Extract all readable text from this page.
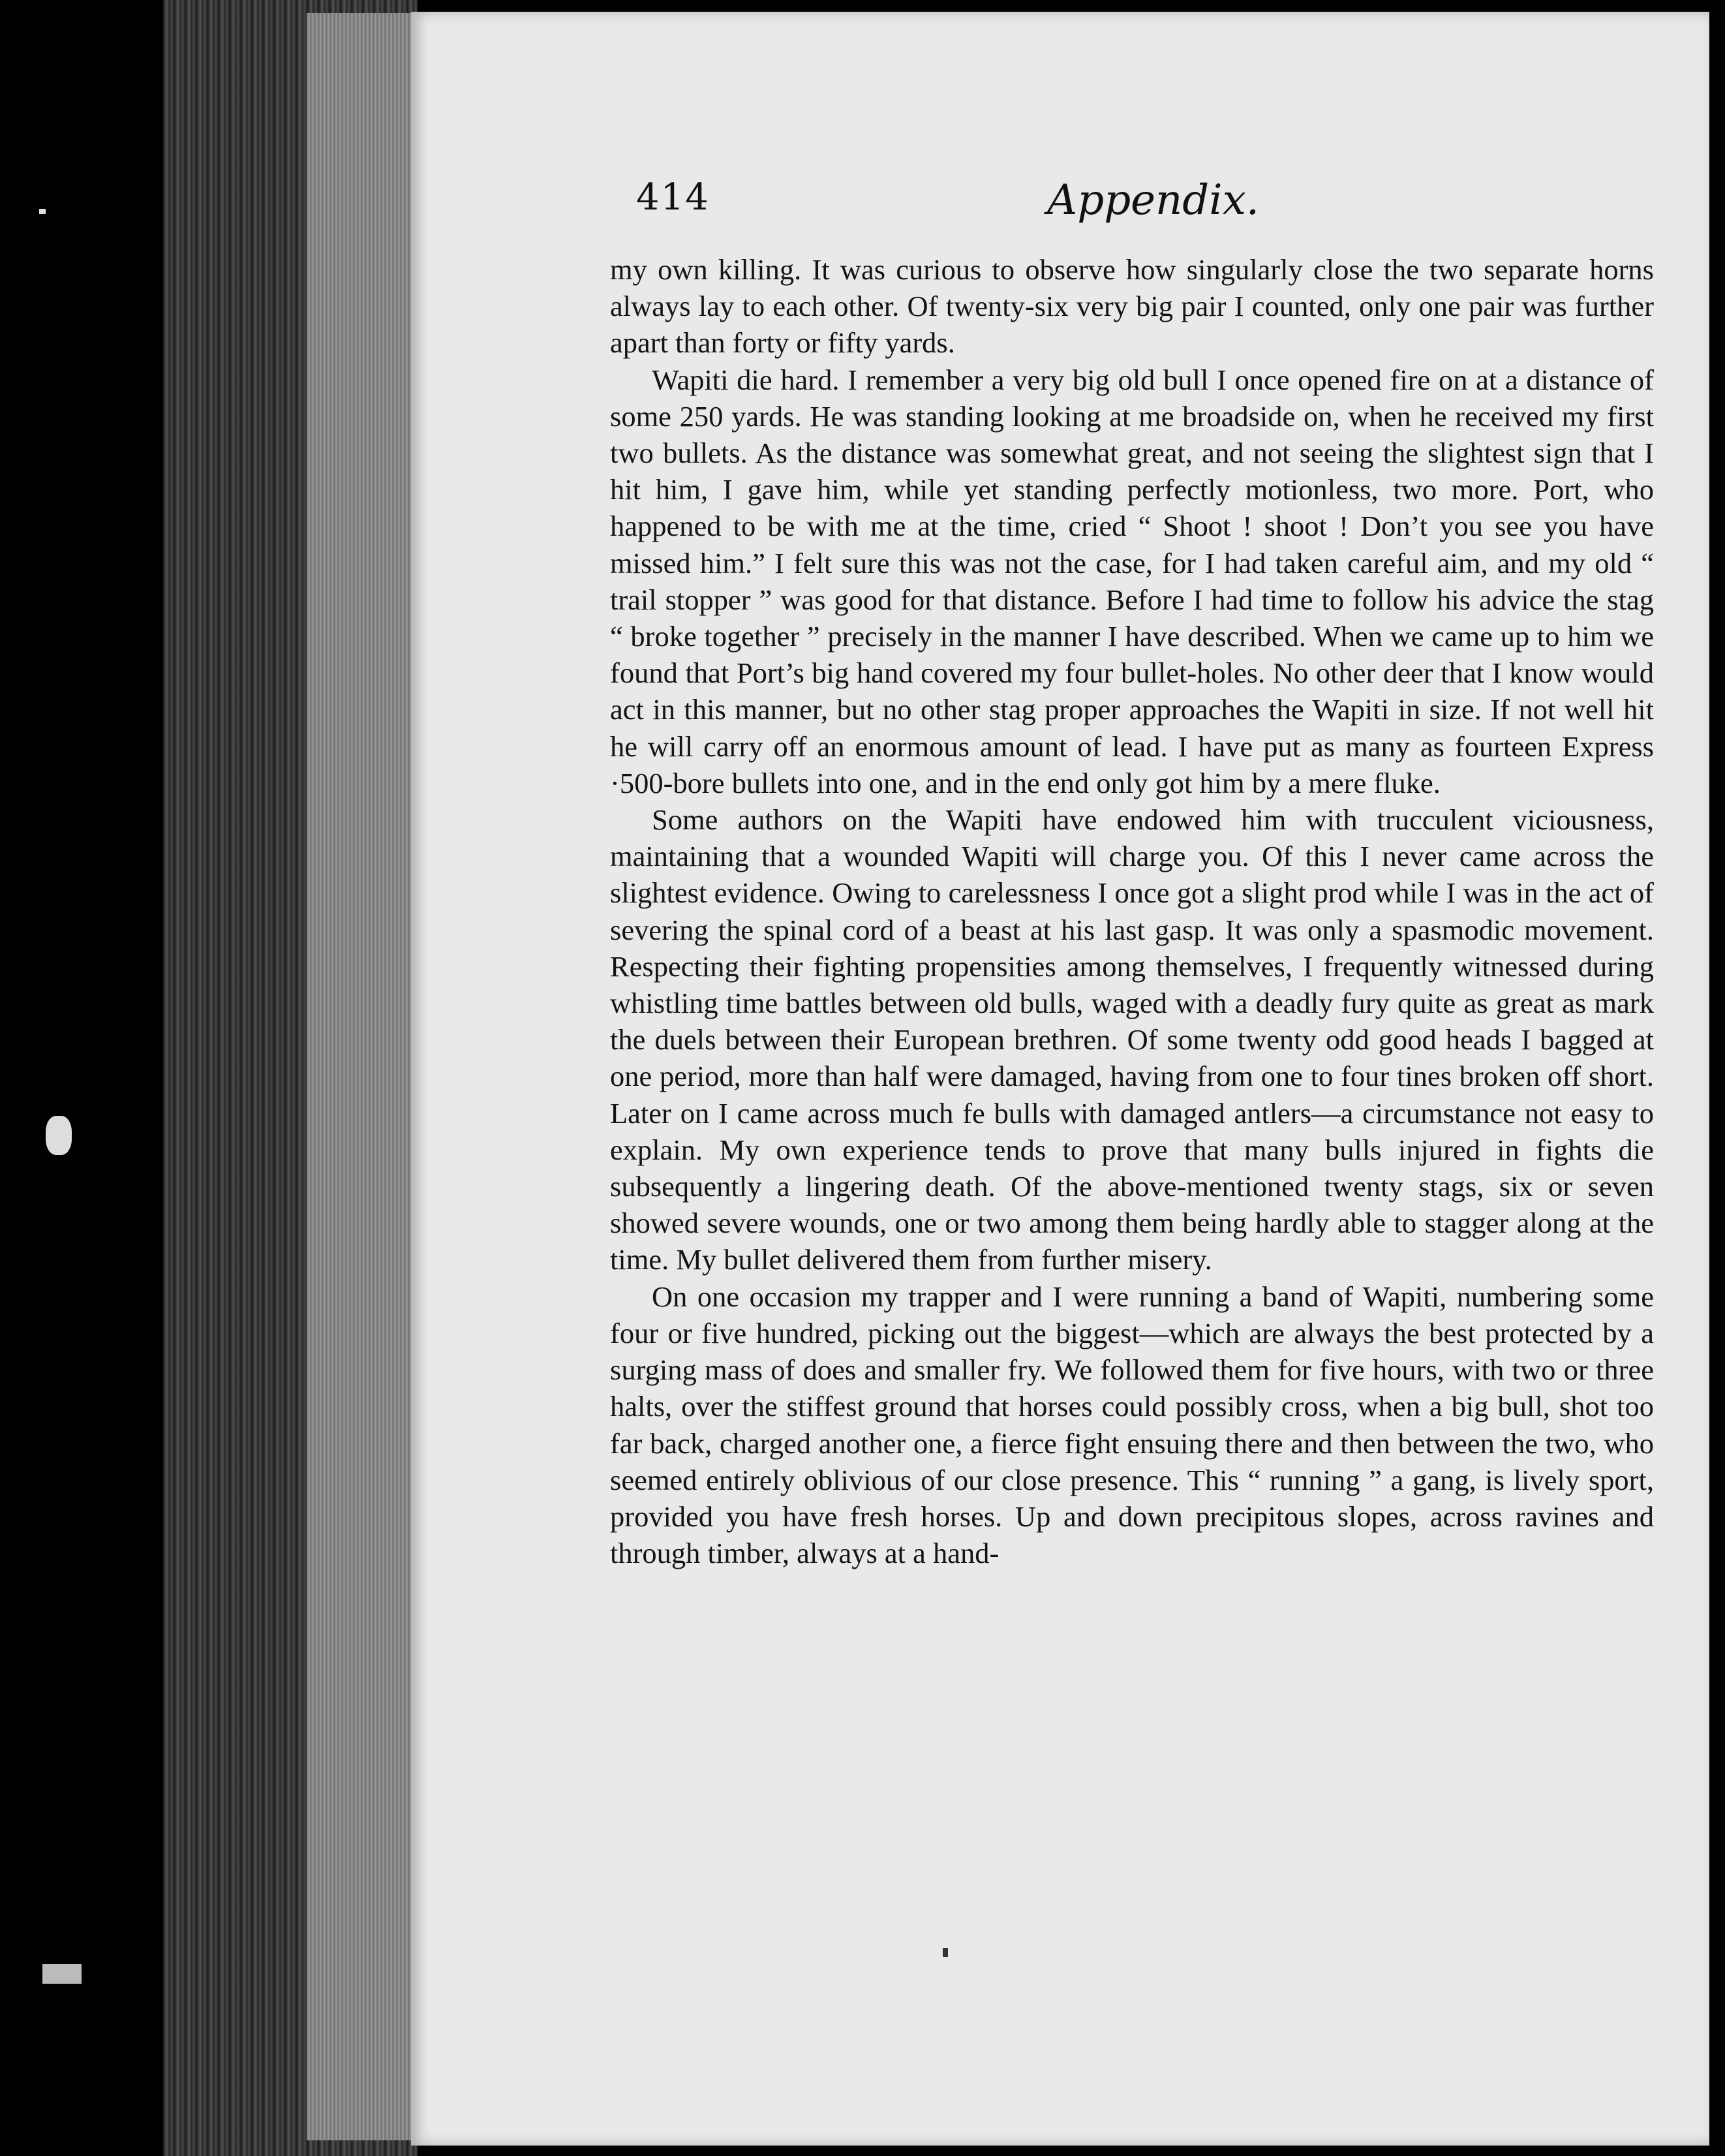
414	Appendix.

my own killing. It was curious to observe how singularly close the two separate horns always lay to each other. Of twenty-six very big pair I counted, only one pair was further apart than forty or fifty yards.

Wapiti die hard. I remember a very big old bull I once opened fire on at a distance of some 250 yards. He was standing looking at me broadside on, when he received my first two bullets. As the distance was somewhat great, and not seeing the slightest sign that I hit him, I gave him, while yet standing perfectly motionless, two more. Port, who happened to be with me at the time, cried “ Shoot ! shoot ! Don’t you see you have missed him.” I felt sure this was not the case, for I had taken careful aim, and my old “ trail stopper ” was good for that distance. Before I had time to follow his advice the stag “ broke together ” precisely in the manner I have described. When we came up to him we found that Port’s big hand covered my four bullet-holes. No other deer that I know would act in this manner, but no other stag proper approaches the Wapiti in size. If not well hit he will carry off an enormous amount of lead. I have put as many as fourteen Express ·500-bore bullets into one, and in the end only got him by a mere fluke.

Some authors on the Wapiti have endowed him with trucculent viciousness, maintaining that a wounded Wapiti will charge you. Of this I never came across the slightest evidence. Owing to carelessness I once got a slight prod while I was in the act of severing the spinal cord of a beast at his last gasp. It was only a spasmodic movement. Respecting their fighting propensities among themselves, I frequently witnessed during whistling time battles between old bulls, waged with a deadly fury quite as great as mark the duels between their European brethren. Of some twenty odd good heads I bagged at one period, more than half were damaged, having from one to four tines broken off short. Later on I came across much fe bulls with damaged antlers—a circumstance not easy to explain. My own experience tends to prove that many bulls injured in fights die subsequently a lingering death. Of the above-mentioned twenty stags, six or seven showed severe wounds, one or two among them being hardly able to stagger along at the time. My bullet delivered them from further misery.

On one occasion my trapper and I were running a band of Wapiti, numbering some four or five hundred, picking out the biggest—which are always the best protected by a surging mass of does and smaller fry. We followed them for five hours, with two or three halts, over the stiffest ground that horses could possibly cross, when a big bull, shot too far back, charged another one, a fierce fight ensuing there and then between the two, who seemed entirely oblivious of our close presence. This “ running ” a gang, is lively sport, provided you have fresh horses. Up and down precipitous slopes, across ravines and through timber, always at a hand-
